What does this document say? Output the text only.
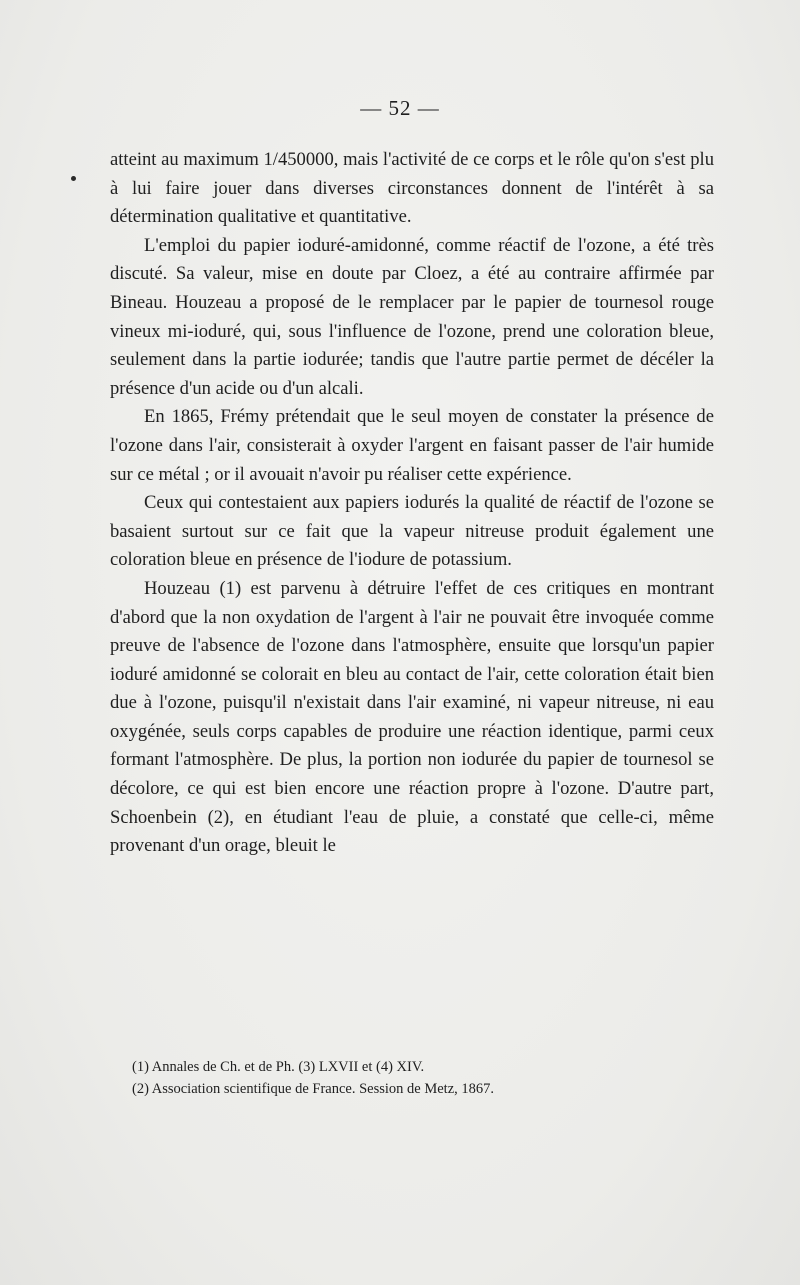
— 52 —

atteint au maximum 1/450000, mais l'activité de ce corps et le rôle qu'on s'est plu à lui faire jouer dans diverses circonstances donnent de l'intérêt à sa détermination qualitative et quantitative.

L'emploi du papier ioduré-amidonné, comme réactif de l'ozone, a été très discuté. Sa valeur, mise en doute par Cloez, a été au contraire affirmée par Bineau. Houzeau a proposé de le remplacer par le papier de tournesol rouge vineux mi-ioduré, qui, sous l'influence de l'ozone, prend une coloration bleue, seulement dans la partie iodurée; tandis que l'autre partie permet de décéler la présence d'un acide ou d'un alcali.

En 1865, Frémy prétendait que le seul moyen de constater la présence de l'ozone dans l'air, consisterait à oxyder l'argent en faisant passer de l'air humide sur ce métal ; or il avouait n'avoir pu réaliser cette expérience.

Ceux qui contestaient aux papiers iodurés la qualité de réactif de l'ozone se basaient surtout sur ce fait que la vapeur nitreuse produit également une coloration bleue en présence de l'iodure de potassium.

Houzeau (1) est parvenu à détruire l'effet de ces critiques en montrant d'abord que la non oxydation de l'argent à l'air ne pouvait être invoquée comme preuve de l'absence de l'ozone dans l'atmosphère, ensuite que lorsqu'un papier ioduré amidonné se colorait en bleu au contact de l'air, cette coloration était bien due à l'ozone, puisqu'il n'existait dans l'air examiné, ni vapeur nitreuse, ni eau oxygénée, seuls corps capables de produire une réaction identique, parmi ceux formant l'atmosphère. De plus, la portion non iodurée du papier de tournesol se décolore, ce qui est bien encore une réaction propre à l'ozone. D'autre part, Schoenbein (2), en étudiant l'eau de pluie, a constaté que celle-ci, même provenant d'un orage, bleuit le

(1) Annales de Ch. et de Ph. (3) LXVII et (4) XIV.
(2) Association scientifique de France. Session de Metz, 1867.
